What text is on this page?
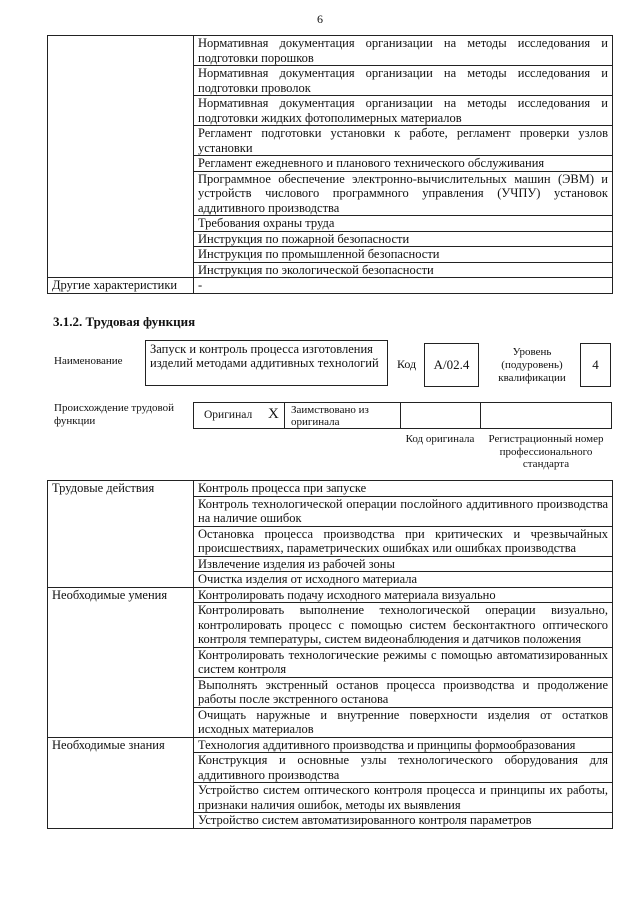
6
	Нормативная документация организации на методы исследования и подготовки порошков
	Нормативная документация организации на методы исследования и подготовки проволок
	Нормативная документация организации на методы исследования и подготовки жидких фотополимерных материалов
	Регламент подготовки установки к работе, регламент проверки узлов установки
	Регламент ежедневного и планового технического обслуживания
	Программное обеспечение электронно-вычислительных машин (ЭВМ) и устройств числового программного управления (УЧПУ) установок аддитивного производства
	Требования охраны труда
	Инструкция по пожарной безопасности
	Инструкция по промышленной безопасности
	Инструкция по экологической безопасности
Другие характеристики	-
3.1.2. Трудовая функция
Наименование
Запуск и контроль процесса изготовления изделий методами аддитивных технологий	Код	А/02.4
Уровень (подуровень) квалификации
4
Происхождение трудовой функции	Оригинал X Заимствовано из оригинала
Код оригинала	Регистрационный номер профессионального стандарта
Трудовые действия	Контроль процесса при запуске
	Контроль технологической операции послойного аддитивного производства на наличие ошибок
	Остановка процесса производства при критических и чрезвычайных происшествиях, параметрических ошибках или ошибках производства
	Извлечение изделия из рабочей зоны
	Очистка изделия от исходного материала
Необходимые умения	Контролировать подачу исходного материала визуально
	Контролировать выполнение технологической операции визуально, контролировать процесс с помощью систем бесконтактного оптического контроля температуры, систем видеонаблюдения и датчиков положения
	Контролировать технологические режимы с помощью автоматизированных систем контроля
	Выполнять экстренный останов процесса производства и продолжение работы после экстренного останова
	Очищать наружные и внутренние поверхности изделия от остатков исходных материалов
Необходимые знания	Технология аддитивного производства и принципы формообразования
	Конструкция и основные узлы технологического оборудования для аддитивного производства
	Устройство систем оптического контроля процесса и принципы их работы, признаки наличия ошибок, методы их выявления
	Устройство систем автоматизированного контроля параметров
